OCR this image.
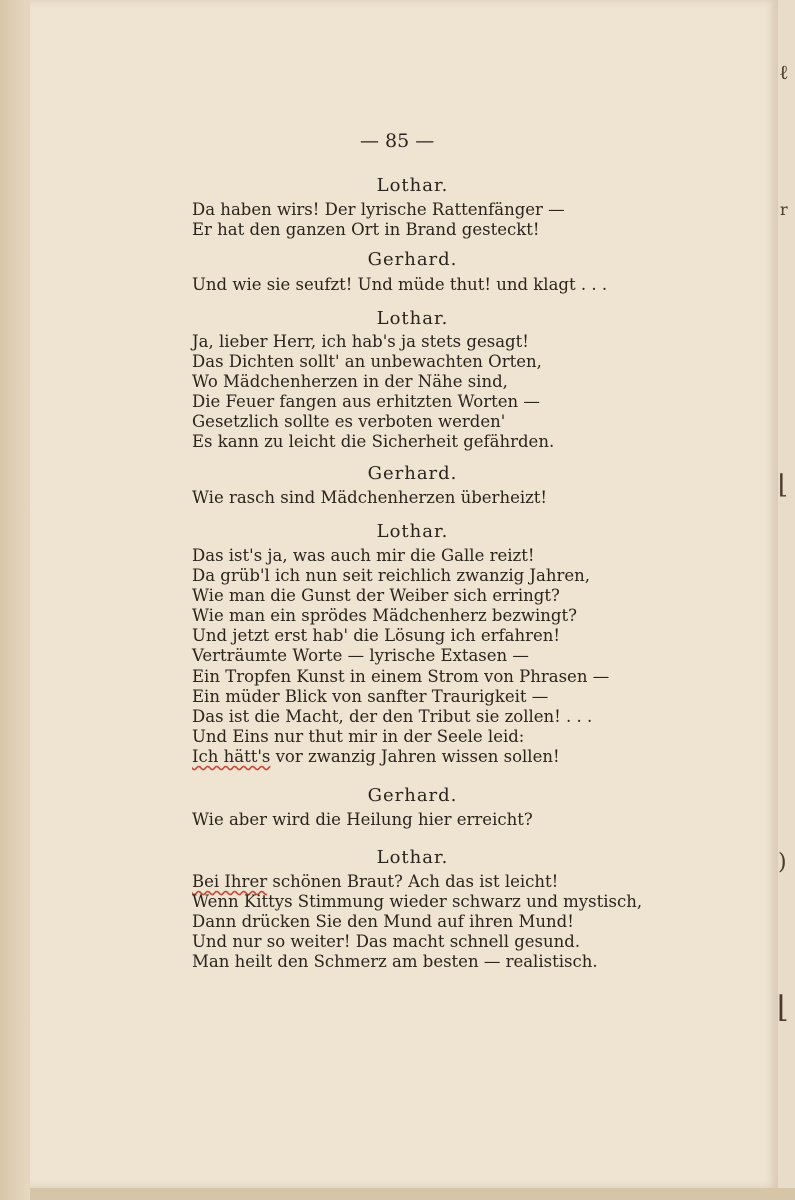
ℓ
r
⌊
)
⌊
— 85 —
Lothar.
Da haben wirs! Der lyrische Rattenfänger —
Er hat den ganzen Ort in Brand gesteckt!
Gerhard.
Und wie sie seufzt! Und müde thut! und klagt . . .
Lothar.
Ja, lieber Herr, ich hab's ja stets gesagt!
Das Dichten sollt' an unbewachten Orten,
Wo Mädchenherzen in der Nähe sind,
Die Feuer fangen aus erhitzten Worten —
Gesetzlich sollte es verboten werden'
Es kann zu leicht die Sicherheit gefährden.
Gerhard.
Wie rasch sind Mädchenherzen überheizt!
Lothar.
Das ist's ja, was auch mir die Galle reizt!
Da grüb'l ich nun seit reichlich zwanzig Jahren,
Wie man die Gunst der Weiber sich erringt?
Wie man ein sprödes Mädchenherz bezwingt?
Und jetzt erst hab' die Lösung ich erfahren!
Verträumte Worte — lyrische Extasen —
Ein Tropfen Kunst in einem Strom von Phrasen —
Ein müder Blick von sanfter Traurigkeit —
Das ist die Macht, der den Tribut sie zollen! . . .
Und Eins nur thut mir in der Seele leid:
Ich hätt's vor zwanzig Jahren wissen sollen!
Gerhard.
Wie aber wird die Heilung hier erreicht?
Lothar.
Bei Ihrer schönen Braut? Ach das ist leicht!
Wenn Kittys Stimmung wieder schwarz und mystisch,
Dann drücken Sie den Mund auf ihren Mund!
Und nur so weiter! Das macht schnell gesund.
Man heilt den Schmerz am besten — realistisch.
